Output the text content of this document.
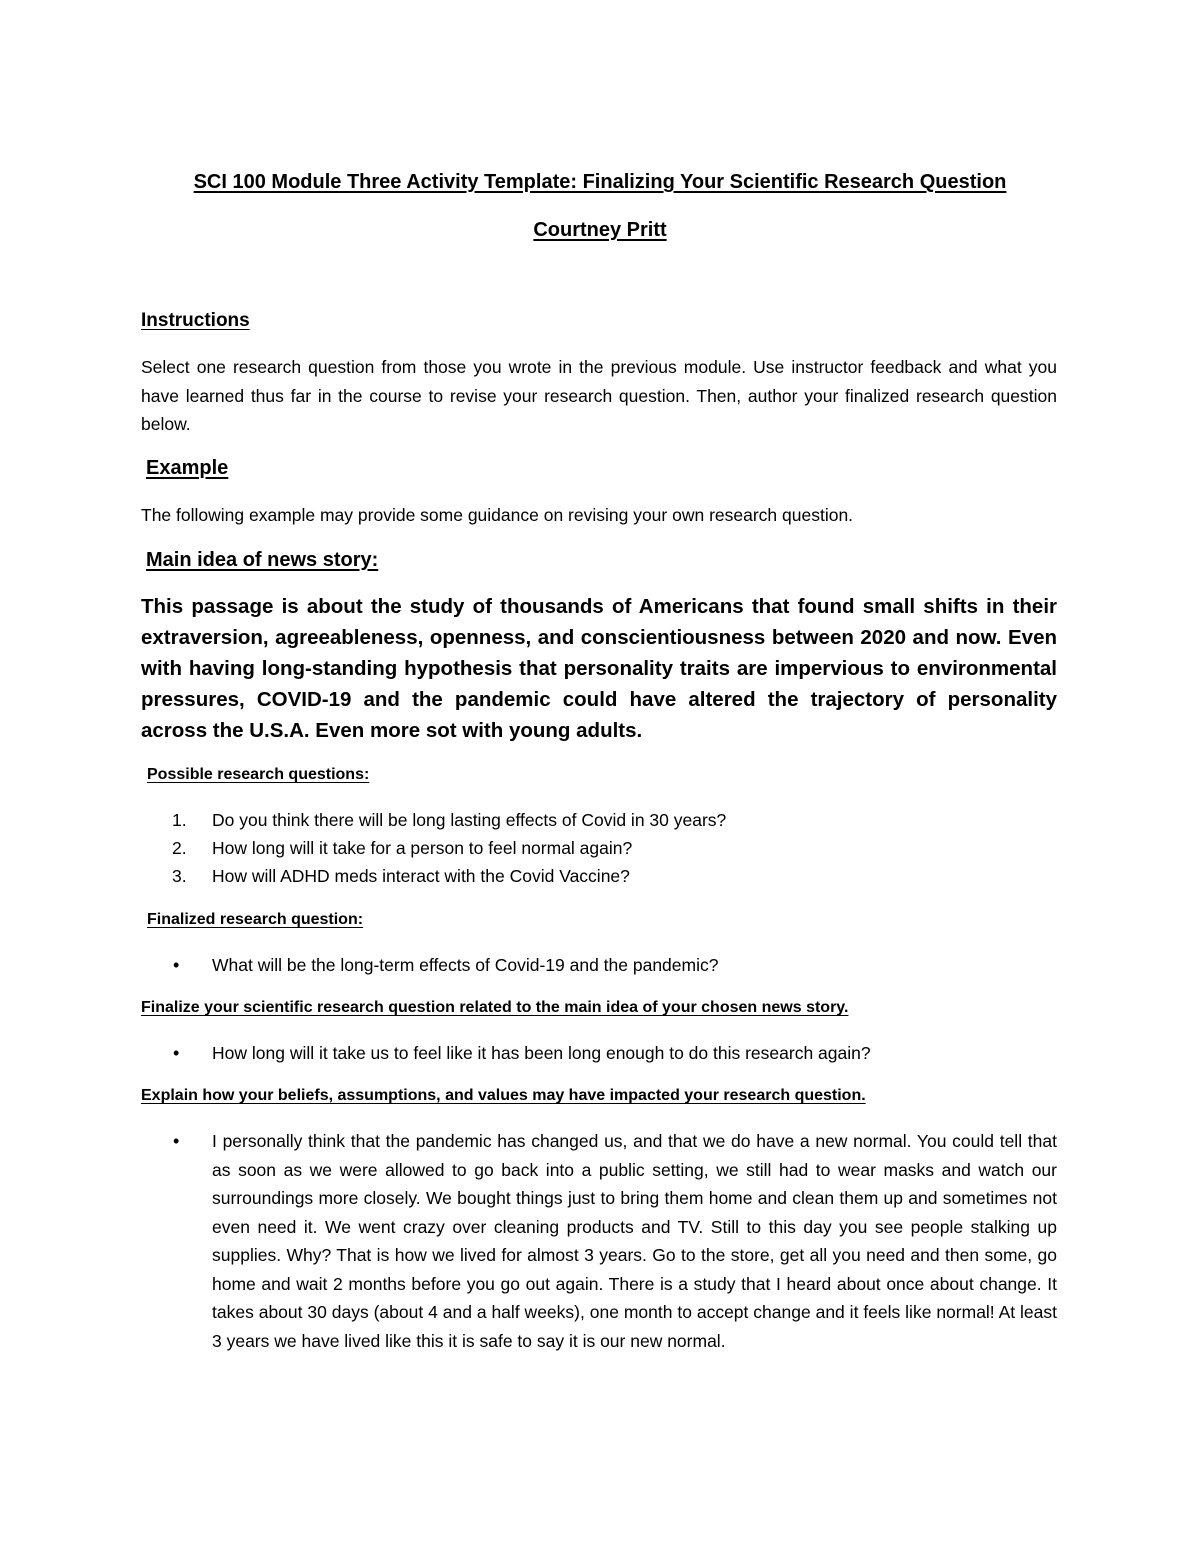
SCI 100 Module Three Activity Template: Finalizing Your Scientific Research Question

Courtney Pritt

Instructions

Select one research question from those you wrote in the previous module. Use instructor feedback and what you have learned thus far in the course to revise your research question. Then, author your finalized research question below.

Example

The following example may provide some guidance on revising your own research question.

Main idea of news story:

This passage is about the study of thousands of Americans that found small shifts in their extraversion, agreeableness, openness, and conscientiousness between 2020 and now. Even with having long-standing hypothesis that personality traits are impervious to environmental pressures, COVID-19 and the pandemic could have altered the trajectory of personality across the U.S.A. Even more sot with young adults.

Possible research questions:

1.	Do you think there will be long lasting effects of Covid in 30 years?
2.	How long will it take for a person to feel normal again?
3.	How will ADHD meds interact with the Covid Vaccine?

Finalized research question:

• What will be the long-term effects of Covid-19 and the pandemic?

Finalize your scientific research question related to the main idea of your chosen news story.

• How long will it take us to feel like it has been long enough to do this research again?

Explain how your beliefs, assumptions, and values may have impacted your research question.

• I personally think that the pandemic has changed us, and that we do have a new normal. You could tell that as soon as we were allowed to go back into a public setting, we still had to wear masks and watch our surroundings more closely. We bought things just to bring them home and clean them up and sometimes not even need it. We went crazy over cleaning products and TV. Still to this day you see people stalking up supplies. Why? That is how we lived for almost 3 years. Go to the store, get all you need and then some, go home and wait 2 months before you go out again. There is a study that I heard about once about change. It takes about 30 days (about 4 and a half weeks), one month to accept change and it feels like normal! At least 3 years we have lived like this it is safe to say it is our new normal.
